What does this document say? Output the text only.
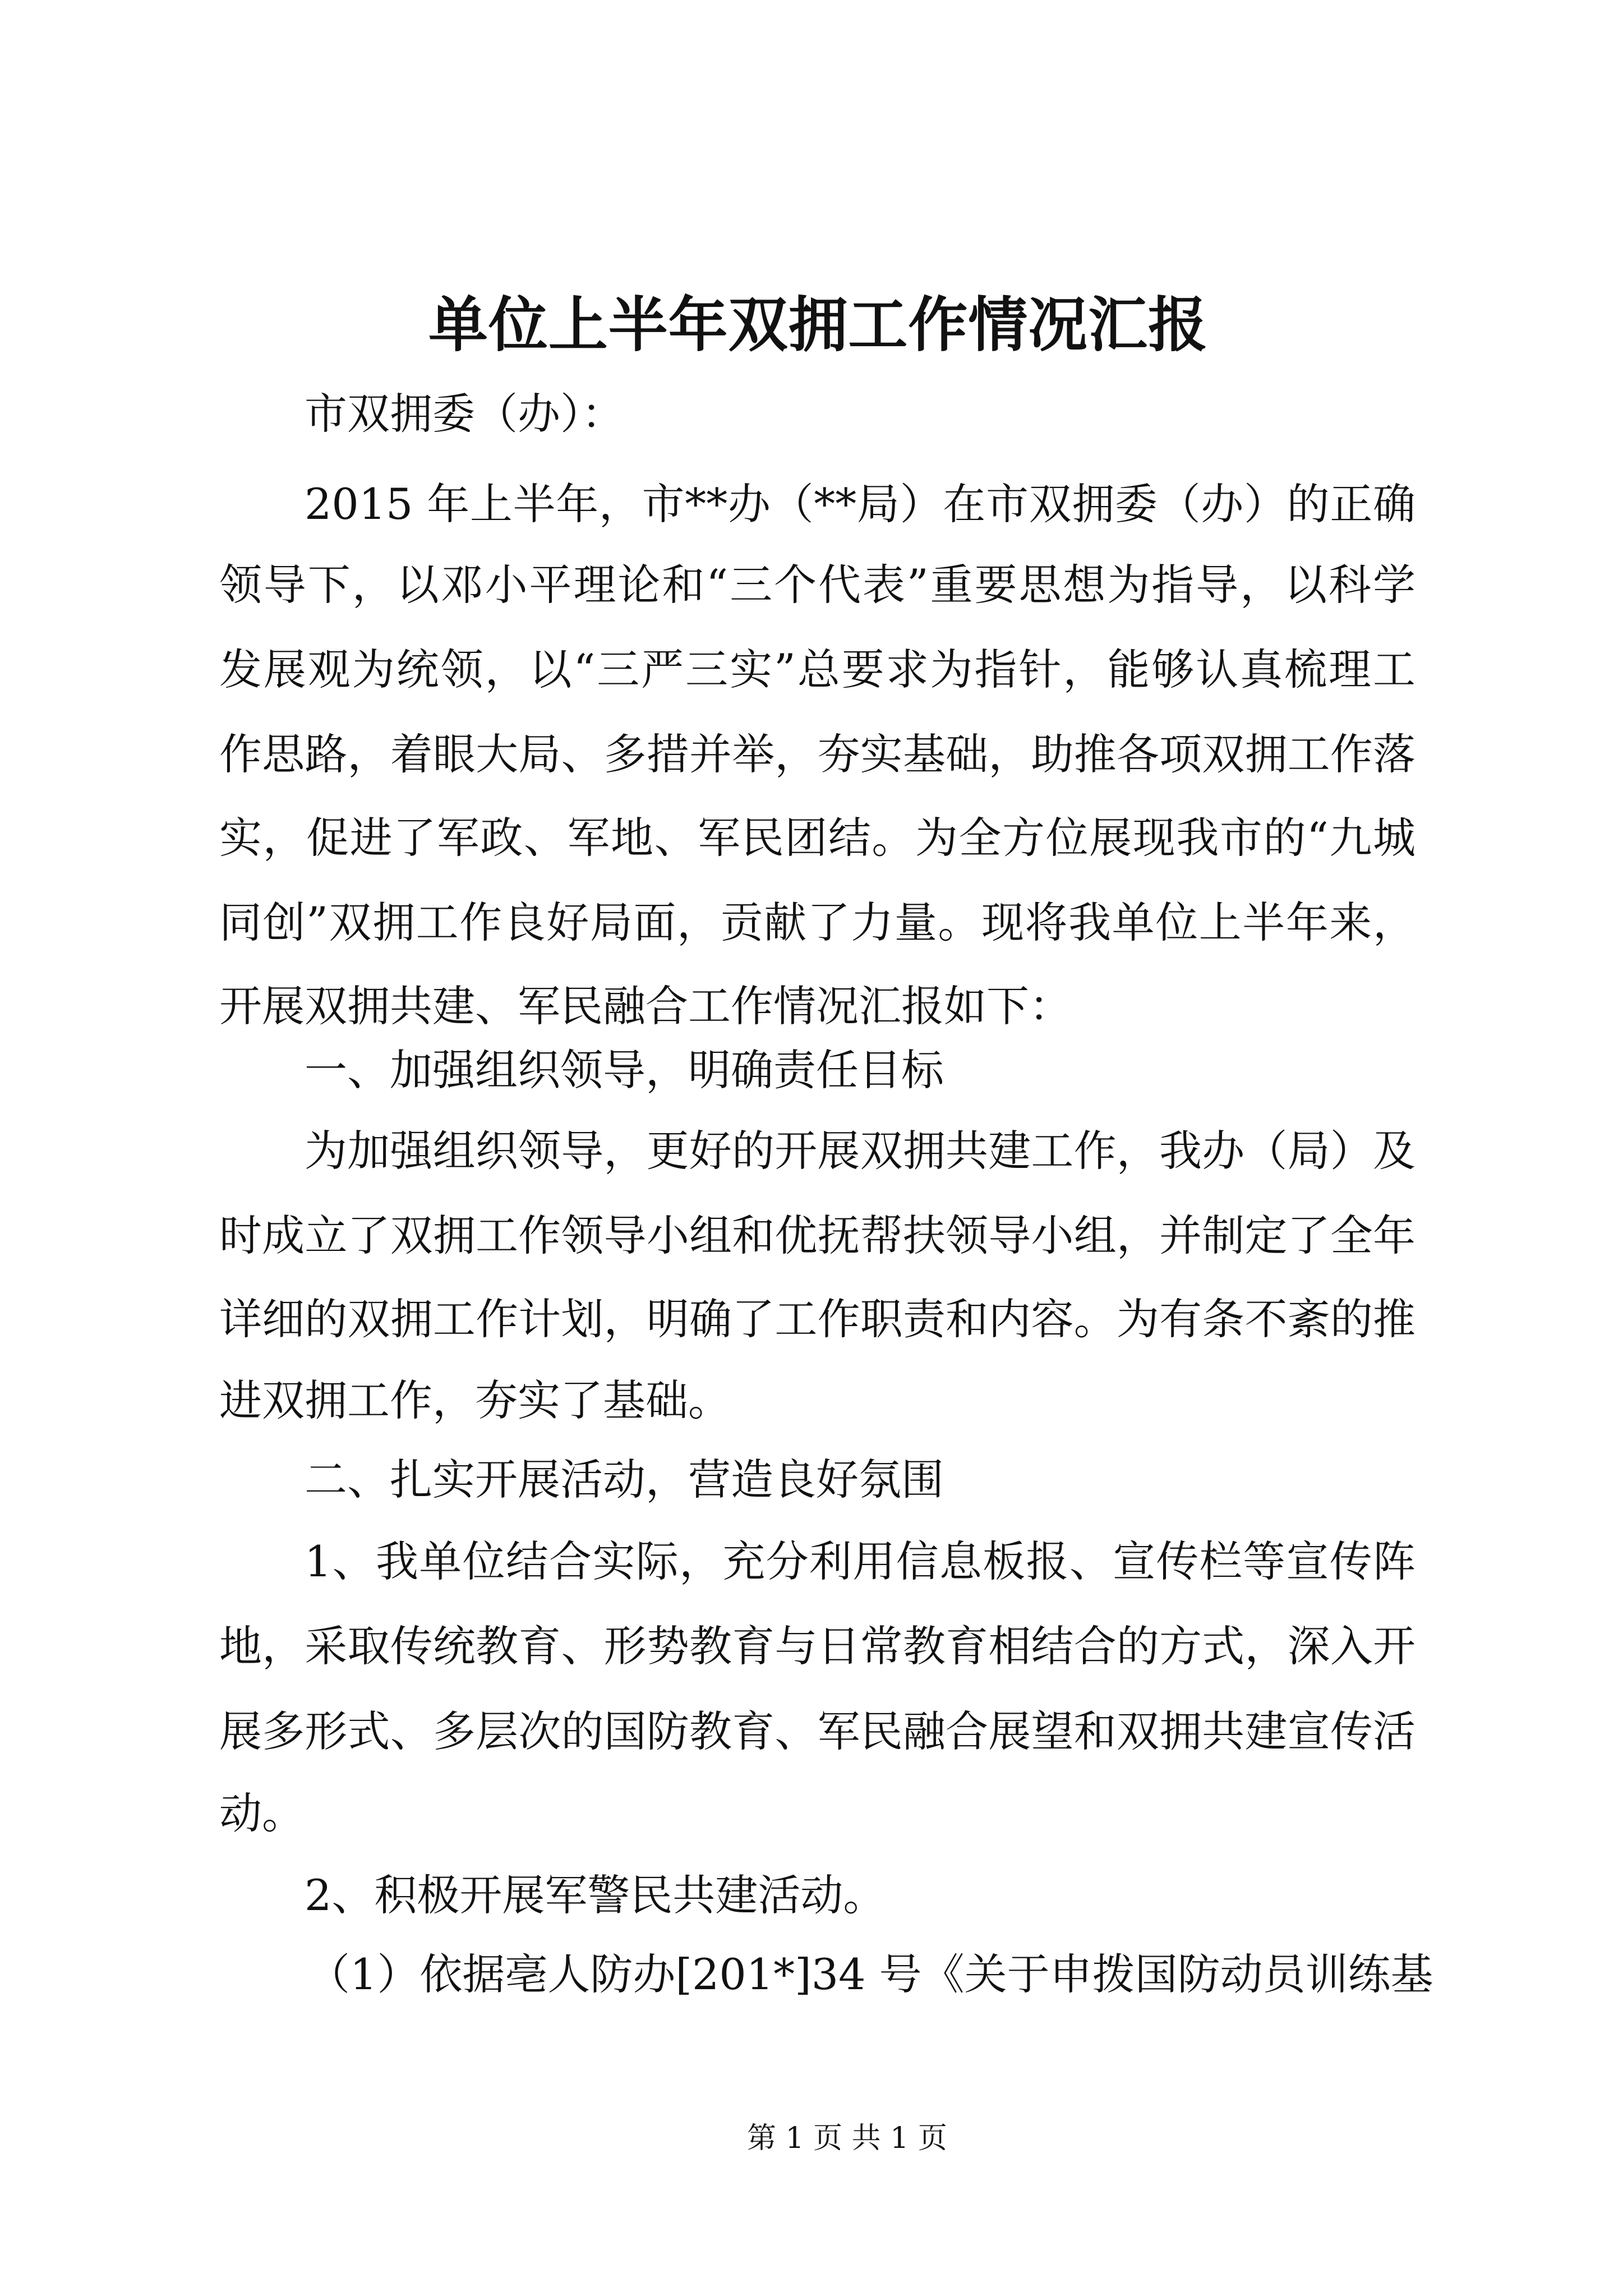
单位上半年双拥工作情况汇报
市双拥委（办）：
2015 年上半年，市**办（**局）在市双拥委（办）的正确
领导下，以邓小平理论和“三个代表”重要思想为指导，以科学
发展观为统领，以“三严三实”总要求为指针，能够认真梳理工
作思路，着眼大局、多措并举，夯实基础，助推各项双拥工作落
实，促进了军政、军地、军民团结。为全方位展现我市的“九城
同创”双拥工作良好局面，贡献了力量。现将我单位上半年来，
开展双拥共建、军民融合工作情况汇报如下：
一、加强组织领导，明确责任目标
为加强组织领导，更好的开展双拥共建工作，我办（局）及
时成立了双拥工作领导小组和优抚帮扶领导小组，并制定了全年
详细的双拥工作计划，明确了工作职责和内容。为有条不紊的推
进双拥工作，夯实了基础。
二、扎实开展活动，营造良好氛围
1、我单位结合实际，充分利用信息板报、宣传栏等宣传阵
地，采取传统教育、形势教育与日常教育相结合的方式，深入开
展多形式、多层次的国防教育、军民融合展望和双拥共建宣传活
动。
2、积极开展军警民共建活动。
（1）依据亳人防办[201*]34 号《关于申拨国防动员训练基
第 1 页 共 1 页
